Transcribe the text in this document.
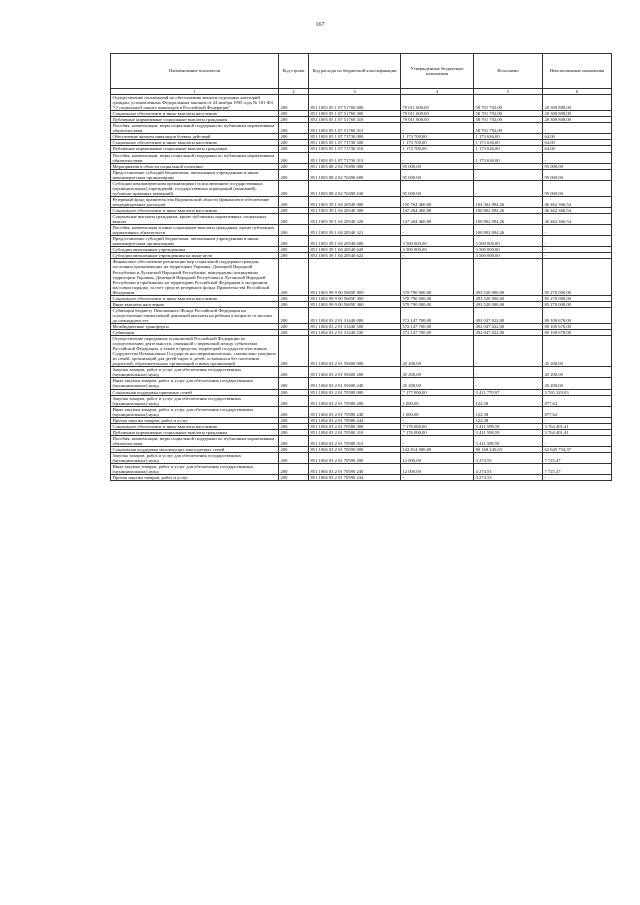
167
Наименование показателя	Код строки	Код расхода по бюджетной классификации	Утвержденные бюджетные назначения	Исполнено	Неисполненные назначения
1	2	3	4	5	6
Осуществление полномочий по обеспечению жильем отдельных категорий граждан, установленных Федеральным законом от 24 ноября 1995 года № 181-ФЗ "О социальной защите инвалидов в Российской Федерации"	200	851 1003 05 1 07 51760 000	79 011 600,00	58 701 792,00	20 309 808,00
Социальное обеспечение и иные выплаты населению	200	851 1003 05 1 07 51760 300	79 011 600,00	58 701 792,00	20 309 808,00
Публичные нормативные социальные выплаты гражданам	200	851 1003 05 1 07 51760 310	79 011 600,00	58 701 792,00	20 309 808,00
Пособия, компенсации, меры социальной поддержки по публичным нормативным обязательствам	200	851 1003 05 1 07 51760 313	-	58 701 792,00	-
Обеспечение жильем инвалидов боевых действий	200	851 1003 05 1 07 71730 000	1 173 700,00	1 173 636,00	64,00
Социальное обеспечение и иные выплаты населению	200	851 1003 05 1 07 71730 300	1 173 700,00	1 173 636,00	64,00
Публичные нормативные социальные выплаты гражданам	200	851 1003 05 1 07 71730 310	1 173 700,00	1 173 636,00	64,00
Пособия, компенсации, меры социальной поддержки по публичным нормативным обязательствам	200	851 1003 05 1 07 71730 313	-	1 173 636,00	-
Мероприятия в области социальной политики	200	851 1003 08 2 02 70490 000	95 000,00	-	95 000,00
Предоставление субсидий бюджетным, автономным учреждениям и иным некоммерческим организациям	200	851 1003 08 2 02 70490 600	95 000,00	-	95 000,00
Субсидии некоммерческим организациям (за исключением государственных (муниципальных) учреждений, государственных корпораций (компаний), публично-правовых компаний)	200	851 1003 08 2 02 70490 630	95 000,00	-	95 000,00
Резервный фонд правительства Воронежской области (финансовое обеспечение непредвиденных расходов)	200	851 1003 39 1 04 20540 000	150 764 460,80	104 302 094,26	46 462 366,54
Социальное обеспечение и иные выплаты населению	200	851 1003 39 1 04 20540 300	147 264 460,80	100 802 094,26	46 462 366,54
Социальные выплаты гражданам, кроме публичных нормативных социальных выплат	200	851 1003 39 1 04 20540 320	147 264 460,80	100 802 094,26	46 462 366,54
Пособия, компенсации и иные социальные выплаты гражданам, кроме публичных нормативных обязательств	200	851 1003 39 1 04 20540 321	-	100 802 094,26	-
Предоставление субсидий бюджетным, автономным учреждениям и иным некоммерческим организациям	200	851 1003 39 1 04 20540 600	3 500 000,00	3 500 000,00	-
Субсидии автономным учреждениям	200	851 1003 39 1 04 20540 620	3 500 000,00	3 500 000,00	-
Субсидии автономным учреждениям на иные цели	200	851 1003 39 1 04 20540 622	-	3 500 000,00	-
Финансовое обеспечение реализации мер социальной поддержки граждан, постоянно проживающих на территории Украины, Донецкой Народной Республики и Луганской Народной Республики, вынужденно покинувших территории Украины, Донецкой Народной Республики и Луганской Народной Республики и прибывших на территорию Российской Федерации в экстренном массовом порядке, за счет средств резервного фонда Правительства Российской Федерации	200	851 1003 99 9 00 5685F 000	578 790 000,00	493 520 000,00	85 270 000,00
Социальное обеспечение и иные выплаты населению	200	851 1003 99 9 00 5685F 300	578 790 000,00	493 520 000,00	85 270 000,00
Иные выплаты населению	200	851 1003 99 9 00 5685F 360	578 790 000,00	493 520 000,00	85 270 000,00
Субвенции бюджету Пенсионного Фонда Российской Федерации на осуществление ежемесячной денежной выплаты на ребенка в возрасте от восьми до семнадцати лет	200	851 1004 03 2 01 31440 000	572 147 700,00	492 047 022,00	80 100 678,00
Межбюджетные трансферты	200	851 1004 03 2 01 31440 500	572 147 700,00	492 047 022,00	80 100 678,00
Субвенции	200	851 1004 03 2 01 31440 530	572 147 700,00	492 047 022,00	80 100 678,00
Осуществление переданных полномочий Российской Федерации по осуществлению деятельности, связанной с перевозкой между субъектами Российской Федерации, а также в пределах территорий государств-участников Содружества Независимых Государств несовершеннолетних, самовольно ушедших из семей, организаций для детей-сирот и детей, оставшихся без попечения родителей, образовательных организаций и иных организаций	200	851 1004 03 2 01 59400 000	45 200,00	-	45 200,00
Закупка товаров, работ и услуг для обеспечения государственных (муниципальных) нужд	200	851 1004 03 2 01 59400 200	45 200,00	-	45 200,00
Иные закупки товаров, работ и услуг для обеспечения государственных (муниципальных) нужд	200	851 1004 03 2 01 59400 240	45 200,00	-	45 200,00
Социальная поддержка приемных семей	200	851 1004 03 2 01 70580 000	7 177 000,00	3 411 770,97	3 765 229,03
Закупка товаров, работ и услуг для обеспечения государственных (муниципальных) нужд	200	851 1004 03 2 01 70580 200	1 000,00	122,38	877,62
Иные закупки товаров, работ и услуг для обеспечения государственных (муниципальных) нужд	200	851 1004 03 2 01 70580 240	1 000,00	122,38	877,62
Прочая закупка товаров, работ и услуг	200	851 1004 03 2 01 70580 244	-	122,38	-
Социальное обеспечение и иные выплаты населению	200	851 1004 03 2 01 70580 300	7 176 000,00	3 411 598,59	3 764 401,41
Публичные нормативные социальные выплаты гражданам	200	851 1004 03 2 01 70580 310	7 176 000,00	3 411 598,59	3 764 401,41
Пособия, компенсации, меры социальной поддержки по публичным нормативным обязательствам	200	851 1004 03 2 01 70580 313	-	3 411 598,59	-
Социальная поддержка малоимущих многодетных семей	200	851 1004 03 2 01 70590 000	142 814 000,00	80 168 245,63	62 645 754,37
Закупка товаров, работ и услуг для обеспечения государственных (муниципальных) нужд	200	851 1004 03 2 01 70590 200	12 000,00	4 274,53	7 725,47
Иные закупки товаров, работ и услуг для обеспечения государственных (муниципальных) нужд	200	851 1004 03 2 01 70590 240	12 000,00	4 274,53	7 725,47
Прочая закупка товаров, работ и услуг	200	851 1004 03 2 01 70590 244	-	4 274,53	-
